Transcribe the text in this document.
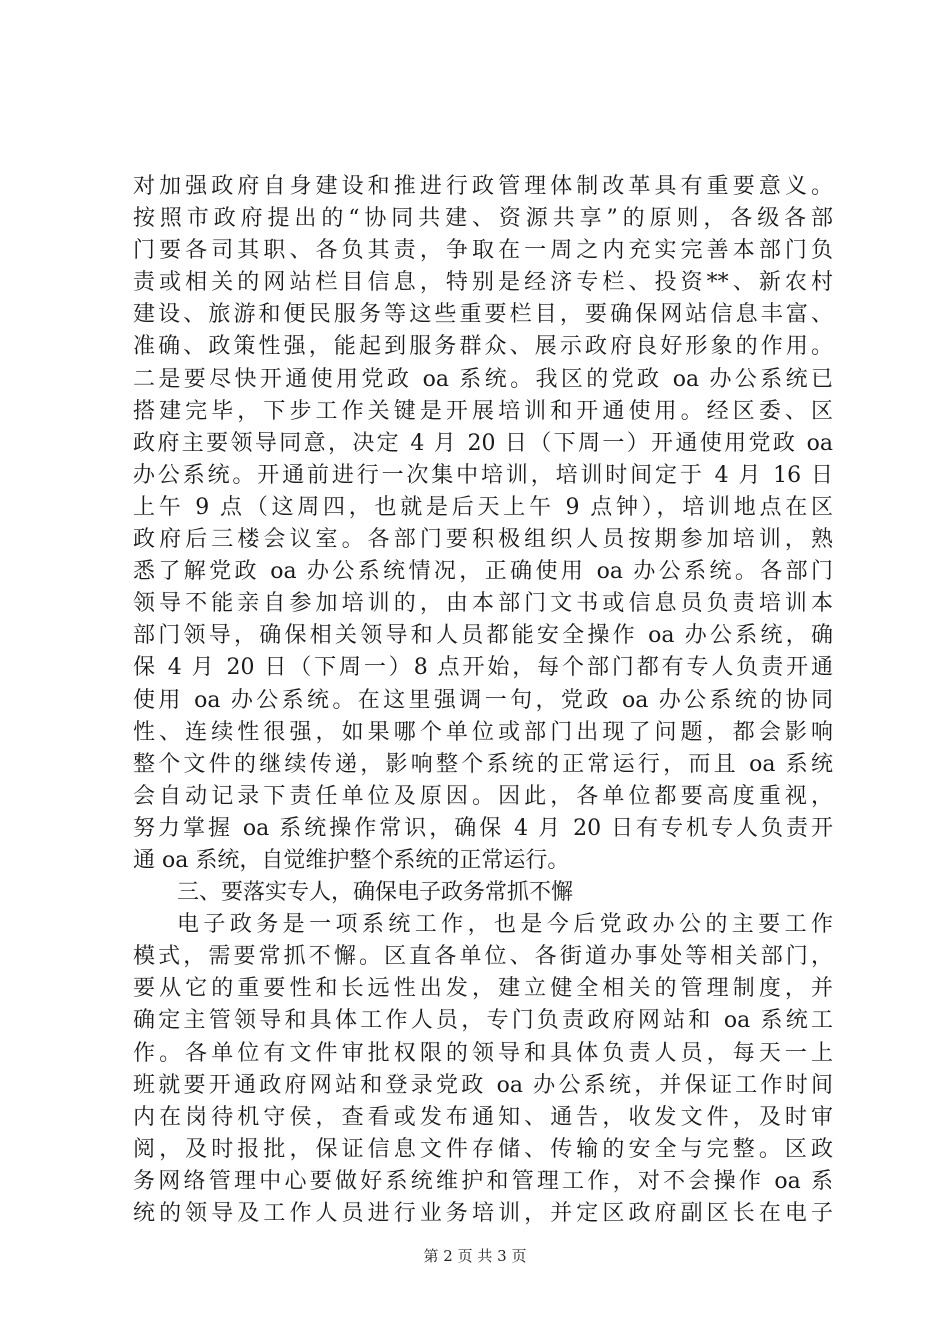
对加强政府自身建设和推进行政管理体制改革具有重要意义。
按照市政府提出的“协同共建、资源共享”的原则，各级各部
门要各司其职、各负其责，争取在一周之内充实完善本部门负
责或相关的网站栏目信息，特别是经济专栏、投资**、新农村
建设、旅游和便民服务等这些重要栏目，要确保网站信息丰富、
准确、政策性强，能起到服务群众、展示政府良好形象的作用。
二是要尽快开通使用党政 oa 系统。我区的党政 oa 办公系统已
搭建完毕，下步工作关键是开展培训和开通使用。经区委、区
政府主要领导同意，决定 4 月 20 日（下周一）开通使用党政 oa
办公系统。开通前进行一次集中培训，培训时间定于 4 月 16 日
上午 9 点（这周四，也就是后天上午 9 点钟），培训地点在区
政府后三楼会议室。各部门要积极组织人员按期参加培训，熟
悉了解党政 oa 办公系统情况，正确使用 oa 办公系统。各部门
领导不能亲自参加培训的，由本部门文书或信息员负责培训本
部门领导，确保相关领导和人员都能安全操作 oa 办公系统，确
保 4 月 20 日（下周一）8 点开始，每个部门都有专人负责开通
使用 oa 办公系统。在这里强调一句，党政 oa 办公系统的协同
性、连续性很强，如果哪个单位或部门出现了问题，都会影响
整个文件的继续传递，影响整个系统的正常运行，而且 oa 系统
会自动记录下责任单位及原因。因此，各单位都要高度重视，
努力掌握 oa 系统操作常识，确保 4 月 20 日有专机专人负责开
通 oa 系统，自觉维护整个系统的正常运行。
三、要落实专人，确保电子政务常抓不懈
电子政务是一项系统工作，也是今后党政办公的主要工作
模式，需要常抓不懈。区直各单位、各街道办事处等相关部门，
要从它的重要性和长远性出发，建立健全相关的管理制度，并
确定主管领导和具体工作人员，专门负责政府网站和 oa 系统工
作。各单位有文件审批权限的领导和具体负责人员，每天一上
班就要开通政府网站和登录党政 oa 办公系统，并保证工作时间
内在岗待机守侯，查看或发布通知、通告，收发文件，及时审
阅，及时报批，保证信息文件存储、传输的安全与完整。区政
务网络管理中心要做好系统维护和管理工作，对不会操作 oa 系
统的领导及工作人员进行业务培训，并定区政府副区长在电子
第 2 页 共 3 页
